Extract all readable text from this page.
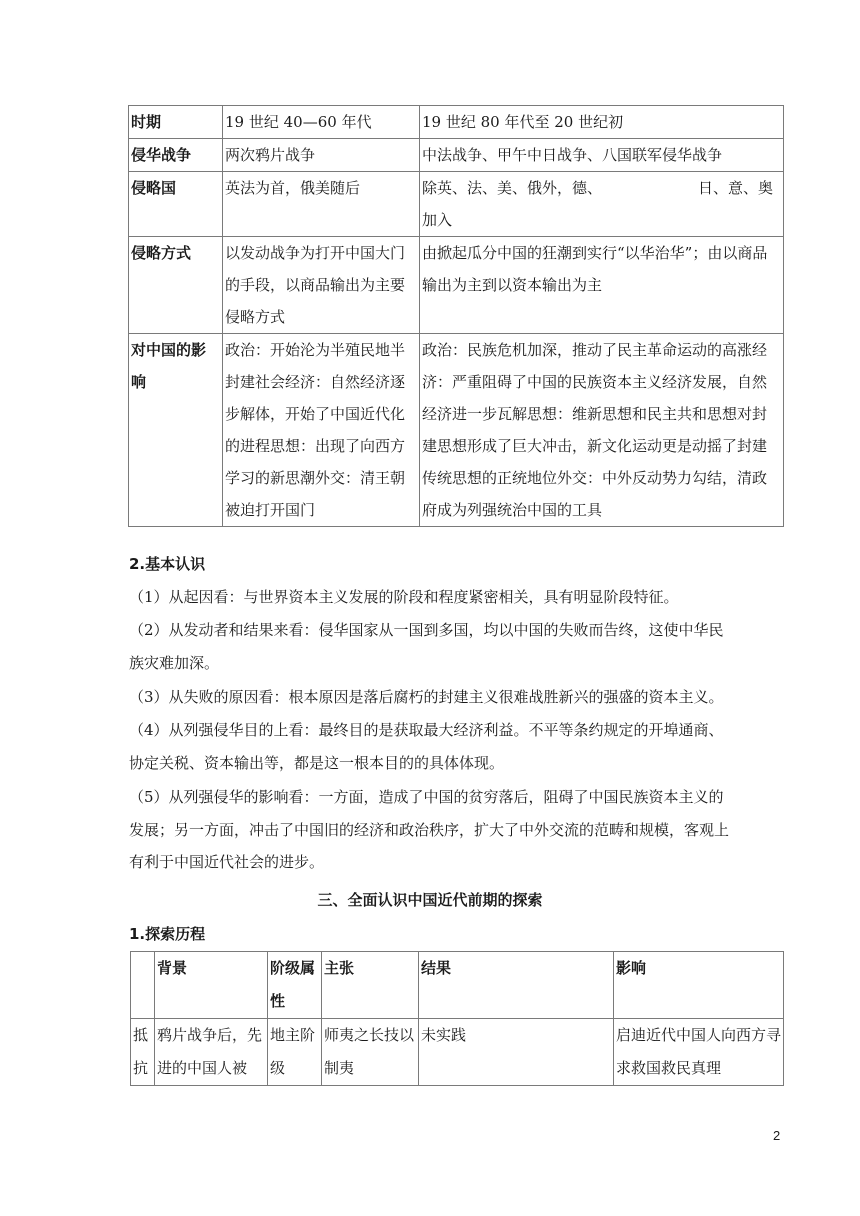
时期	19 世纪 40—60 年代	19 世纪 80 年代至 20 世纪初
侵华战争	两次鸦片战争	中法战争、甲午中日战争、八国联军侵华战争
侵略国	英法为首，俄美随后	除英、法、美、俄外，德、 日、意、奥加入
侵略方式	以发动战争为打开中国大门的手段，以商品输出为主要侵略方式	由掀起瓜分中国的狂潮到实行“以华治华”；由以商品输出为主到以资本输出为主
对中国的影响	政治：开始沦为半殖民地半封建社会经济：自然经济逐步解体，开始了中国近代化的进程思想：出现了向西方学习的新思潮外交：清王朝被迫打开国门	政治：民族危机加深，推动了民主革命运动的高涨经济：严重阻碍了中国的民族资本主义经济发展，自然经济进一步瓦解思想：维新思想和民主共和思想对封建思想形成了巨大冲击，新文化运动更是动摇了封建传统思想的正统地位外交：中外反动势力勾结，清政府成为列强统治中国的工具
2.基本认识

（1）从起因看：与世界资本主义发展的阶段和程度紧密相关，具有明显阶段特征。

（2）从发动者和结果来看：侵华国家从一国到多国，均以中国的失败而告终，这使中华民族灾难加深。

（3）从失败的原因看：根本原因是落后腐朽的封建主义很难战胜新兴的强盛的资本主义。

（4）从列强侵华目的上看：最终目的是获取最大经济利益。不平等条约规定的开埠通商、协定关税、资本输出等，都是这一根本目的的具体体现。

（5）从列强侵华的影响看：一方面，造成了中国的贫穷落后，阻碍了中国民族资本主义的发展；另一方面，冲击了中国旧的经济和政治秩序，扩大了中外交流的范畴和规模，客观上有利于中国近代社会的进步。

三、全面认识中国近代前期的探索
1.探索历程
	背景	阶级属性	主张	结果	影响
抵抗	鸦片战争后，先进的中国人被	地主阶级	师夷之长技以制夷	未实践	启迪近代中国人向西方寻求救国救民真理
2
